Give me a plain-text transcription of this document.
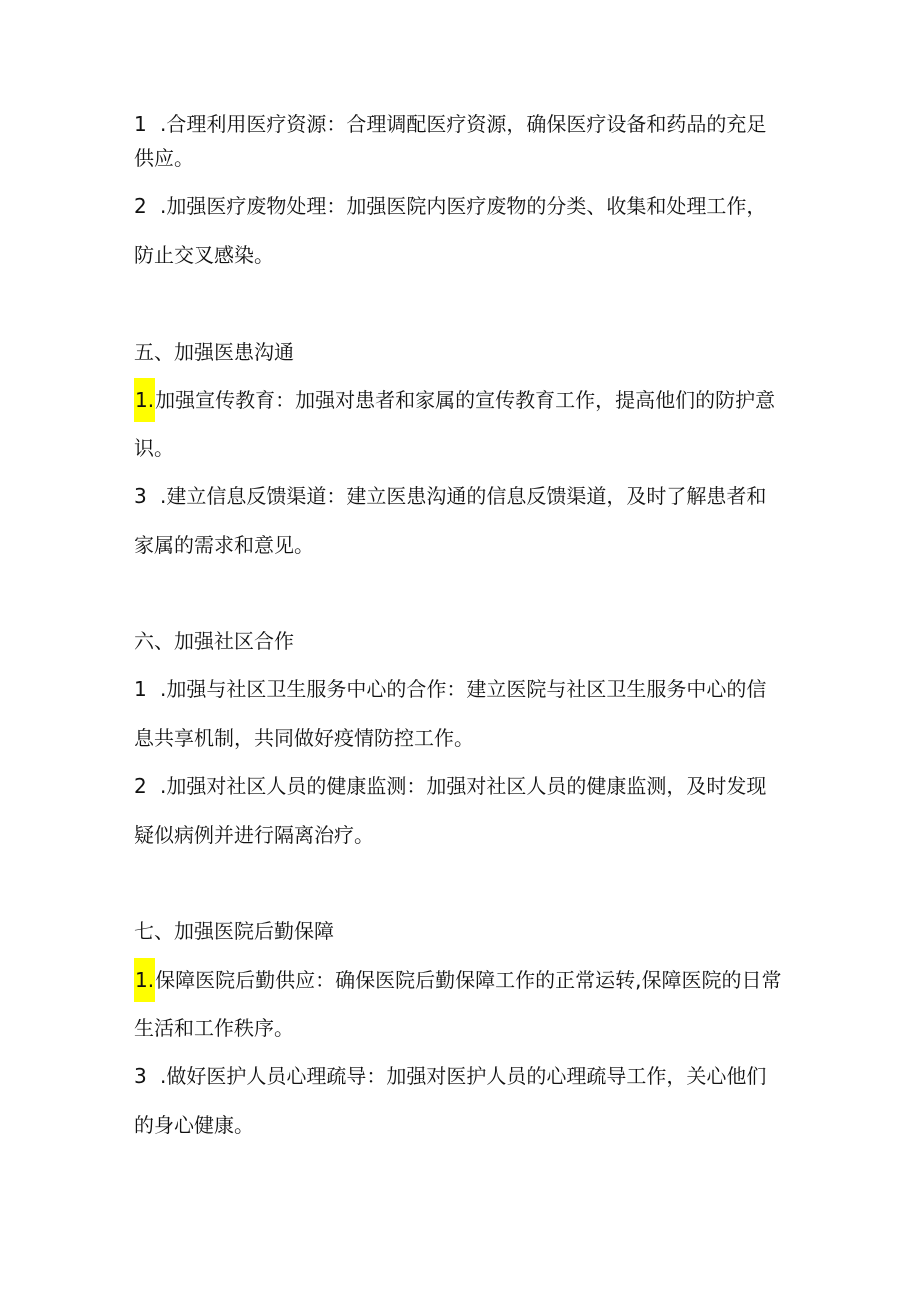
1 .合理利用医疗资源：合理调配医疗资源，确保医疗设备和药品的充足
供应。
2 .加强医疗废物处理：加强医院内医疗废物的分类、收集和处理工作，
防止交叉感染。
五、加强医患沟通
1.加强宣传教育：加强对患者和家属的宣传教育工作，提高他们的防护意
识。
3 .建立信息反馈渠道：建立医患沟通的信息反馈渠道，及时了解患者和
家属的需求和意见。
六、加强社区合作
1 .加强与社区卫生服务中心的合作：建立医院与社区卫生服务中心的信
息共享机制，共同做好疫情防控工作。
2 .加强对社区人员的健康监测：加强对社区人员的健康监测，及时发现
疑似病例并进行隔离治疗。
七、加强医院后勤保障
1.保障医院后勤供应：确保医院后勤保障工作的正常运转,保障医院的日常
生活和工作秩序。
3 .做好医护人员心理疏导：加强对医护人员的心理疏导工作，关心他们
的身心健康。
